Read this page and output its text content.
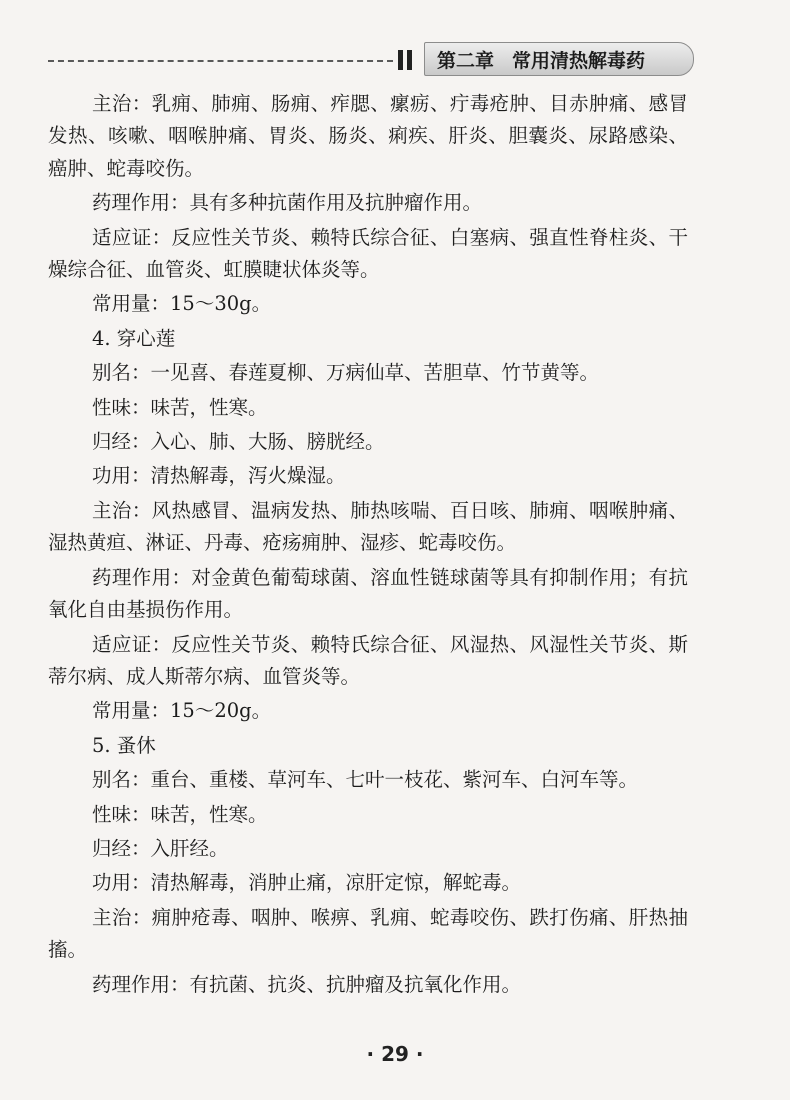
第二章 常用清热解毒药

主治：乳痈、肺痈、肠痈、痄腮、瘰疬、疔毒疮肿、目赤肿痛、感冒发热、咳嗽、咽喉肿痛、胃炎、肠炎、痢疾、肝炎、胆囊炎、尿路感染、癌肿、蛇毒咬伤。

药理作用：具有多种抗菌作用及抗肿瘤作用。

适应证：反应性关节炎、赖特氏综合征、白塞病、强直性脊柱炎、干燥综合征、血管炎、虹膜睫状体炎等。

常用量：15～30g。

4. 穿心莲

别名：一见喜、春莲夏柳、万病仙草、苦胆草、竹节黄等。

性味：味苦，性寒。

归经：入心、肺、大肠、膀胱经。

功用：清热解毒，泻火燥湿。

主治：风热感冒、温病发热、肺热咳喘、百日咳、肺痈、咽喉肿痛、湿热黄疸、淋证、丹毒、疮疡痈肿、湿疹、蛇毒咬伤。

药理作用：对金黄色葡萄球菌、溶血性链球菌等具有抑制作用；有抗氧化自由基损伤作用。

适应证：反应性关节炎、赖特氏综合征、风湿热、风湿性关节炎、斯蒂尔病、成人斯蒂尔病、血管炎等。

常用量：15～20g。

5. 蚤休

别名：重台、重楼、草河车、七叶一枝花、紫河车、白河车等。

性味：味苦，性寒。

归经：入肝经。

功用：清热解毒，消肿止痛，凉肝定惊，解蛇毒。

主治：痈肿疮毒、咽肿、喉痹、乳痈、蛇毒咬伤、跌打伤痛、肝热抽搐。

药理作用：有抗菌、抗炎、抗肿瘤及抗氧化作用。

· 29 ·
